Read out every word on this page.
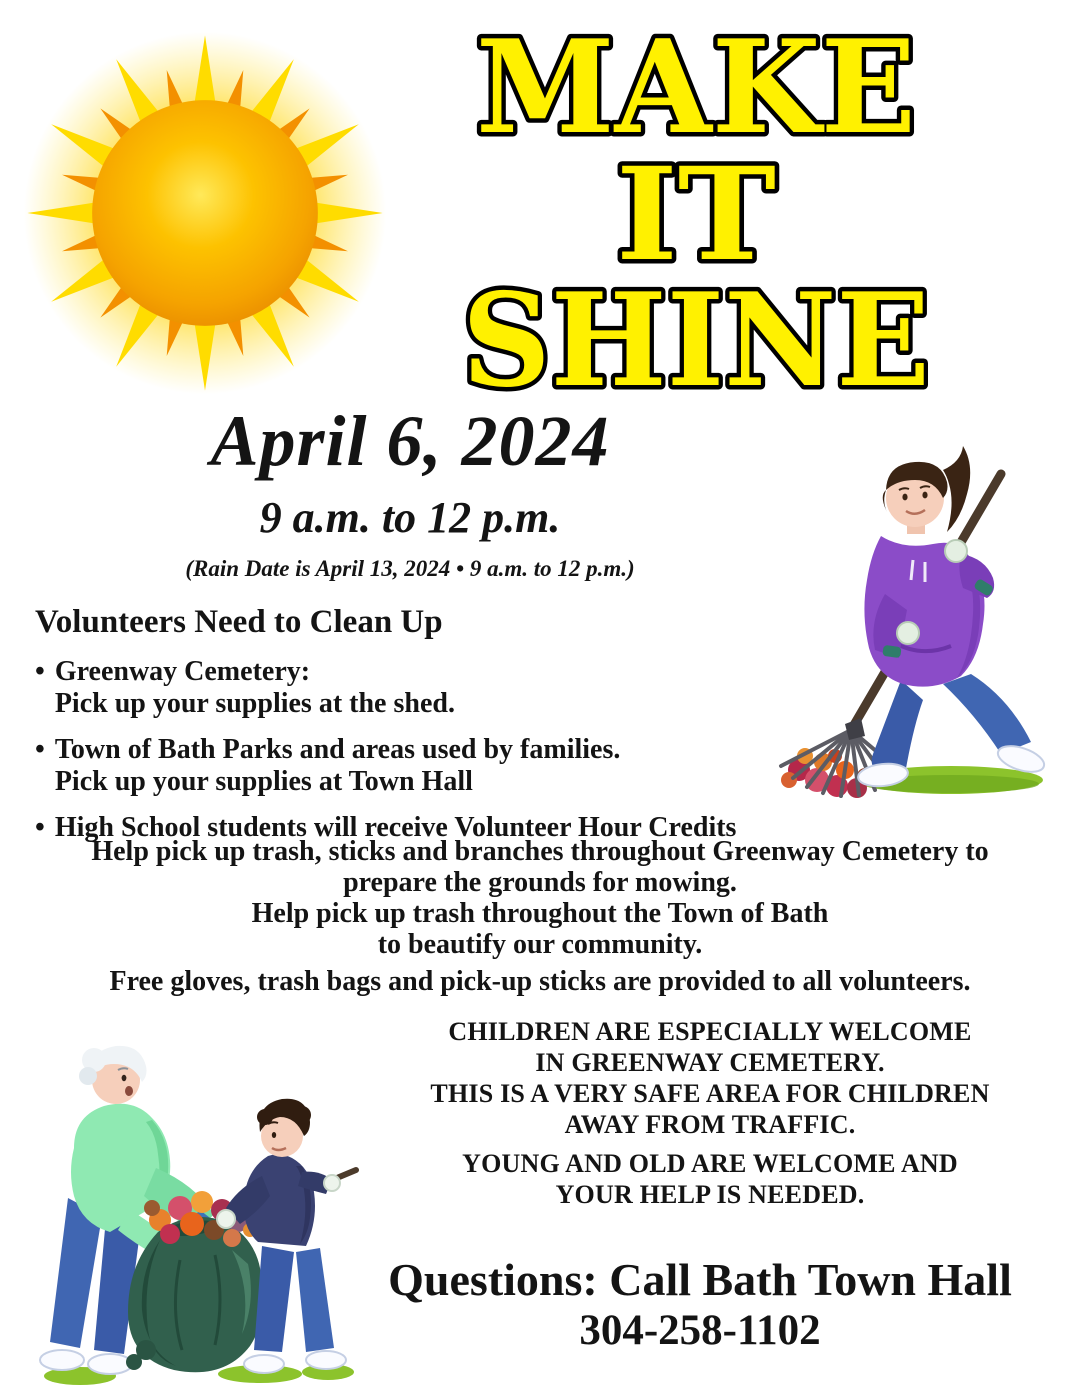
MAKE
IT
SHINE
April 6, 2024
9 a.m. to 12 p.m.
(Rain Date is April 13, 2024 • 9 a.m. to 12 p.m.)
Volunteers Need to Clean Up
• Greenway Cemetery:
Pick up your supplies at the shed.
• Town of Bath Parks and areas used by families.
Pick up your supplies at Town Hall
• High School students will receive Volunteer Hour Credits
Help pick up trash, sticks and branches throughout Greenway Cemetery to
prepare the grounds for mowing.
Help pick up trash throughout the Town of Bath
to beautify our community.
Free gloves, trash bags and pick-up sticks are provided to all volunteers.
CHILDREN ARE ESPECIALLY WELCOME
IN GREENWAY CEMETERY.
THIS IS A VERY SAFE AREA FOR CHILDREN
AWAY FROM TRAFFIC.
YOUNG AND OLD ARE WELCOME AND
YOUR HELP IS NEEDED.
Questions: Call Bath Town Hall
304-258-1102
